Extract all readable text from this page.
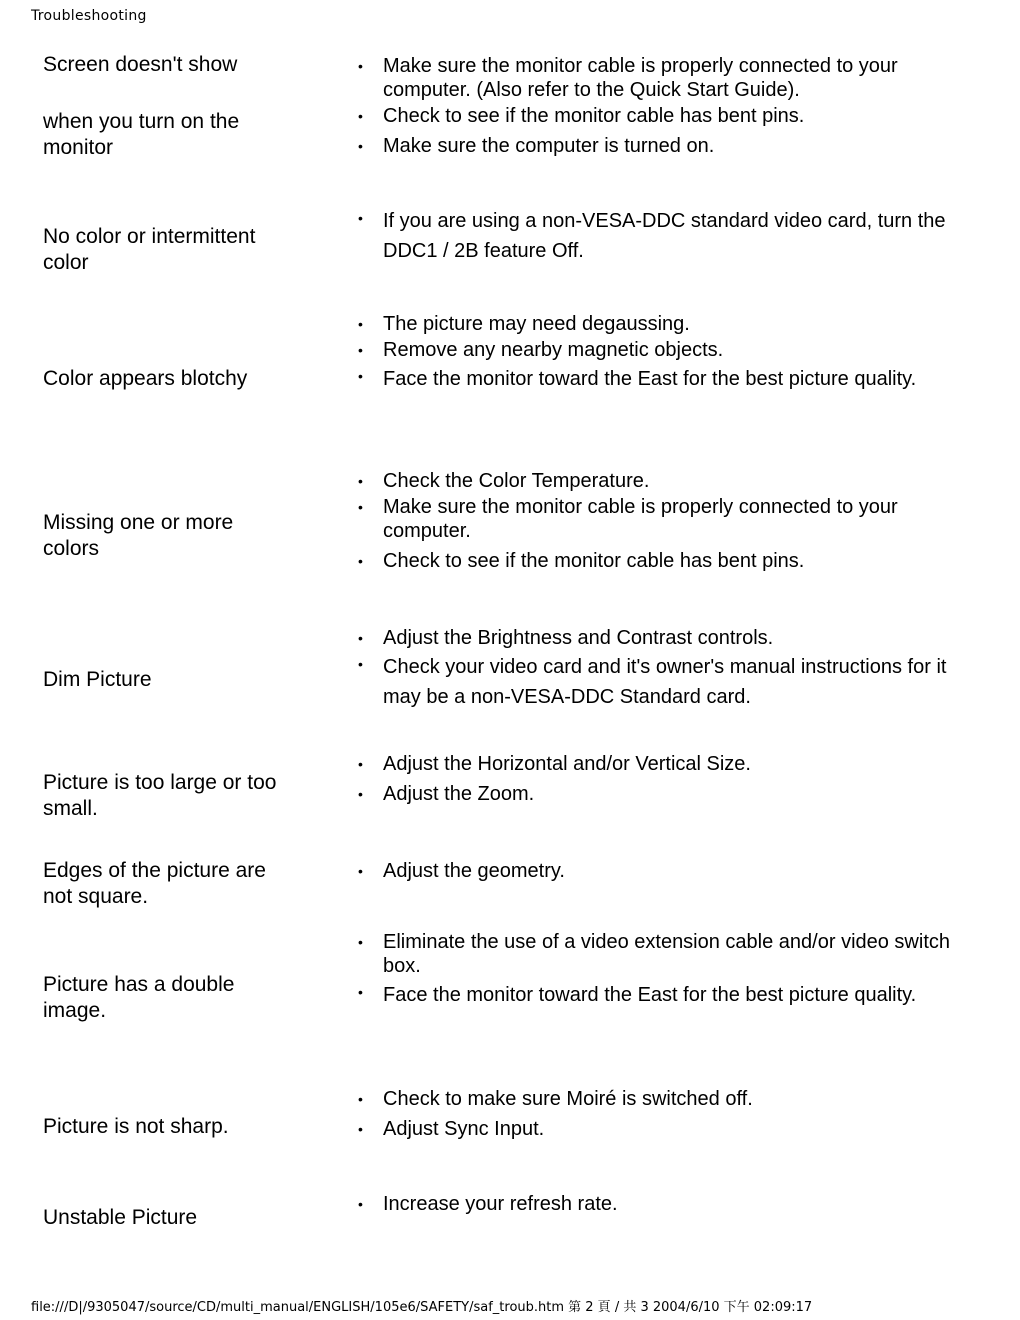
Troubleshooting

Screen doesn't show

when you turn on the monitor

• Make sure the monitor cable is properly connected to your computer. (Also refer to the Quick Start Guide).
• Check to see if the monitor cable has bent pins.
• Make sure the computer is turned on.

No color or intermittent color

• If you are using a non-VESA-DDC standard video card, turn the DDC1 / 2B feature Off.

Color appears blotchy

• The picture may need degaussing.
• Remove any nearby magnetic objects.
• Face the monitor toward the East for the best picture quality.

Missing one or more colors

• Check the Color Temperature.
• Make sure the monitor cable is properly connected to your computer.
• Check to see if the monitor cable has bent pins.

Dim Picture

• Adjust the Brightness and Contrast controls.
• Check your video card and it's owner's manual instructions for it may be a non-VESA-DDC Standard card.

Picture is too large or too small.

• Adjust the Horizontal and/or Vertical Size.
• Adjust the Zoom.

Edges of the picture are not square.

• Adjust the geometry.

Picture has a double image.

• Eliminate the use of a video extension cable and/or video switch box.
• Face the monitor toward the East for the best picture quality.

Picture is not sharp.

• Check to make sure Moiré is switched off.
• Adjust Sync Input.

Unstable Picture

• Increase your refresh rate.
file:///D|/9305047/source/CD/multi_manual/ENGLISH/105e6/SAFETY/saf_troub.htm 第 2 頁 / 共 3 2004/6/10 下午 02:09:17
